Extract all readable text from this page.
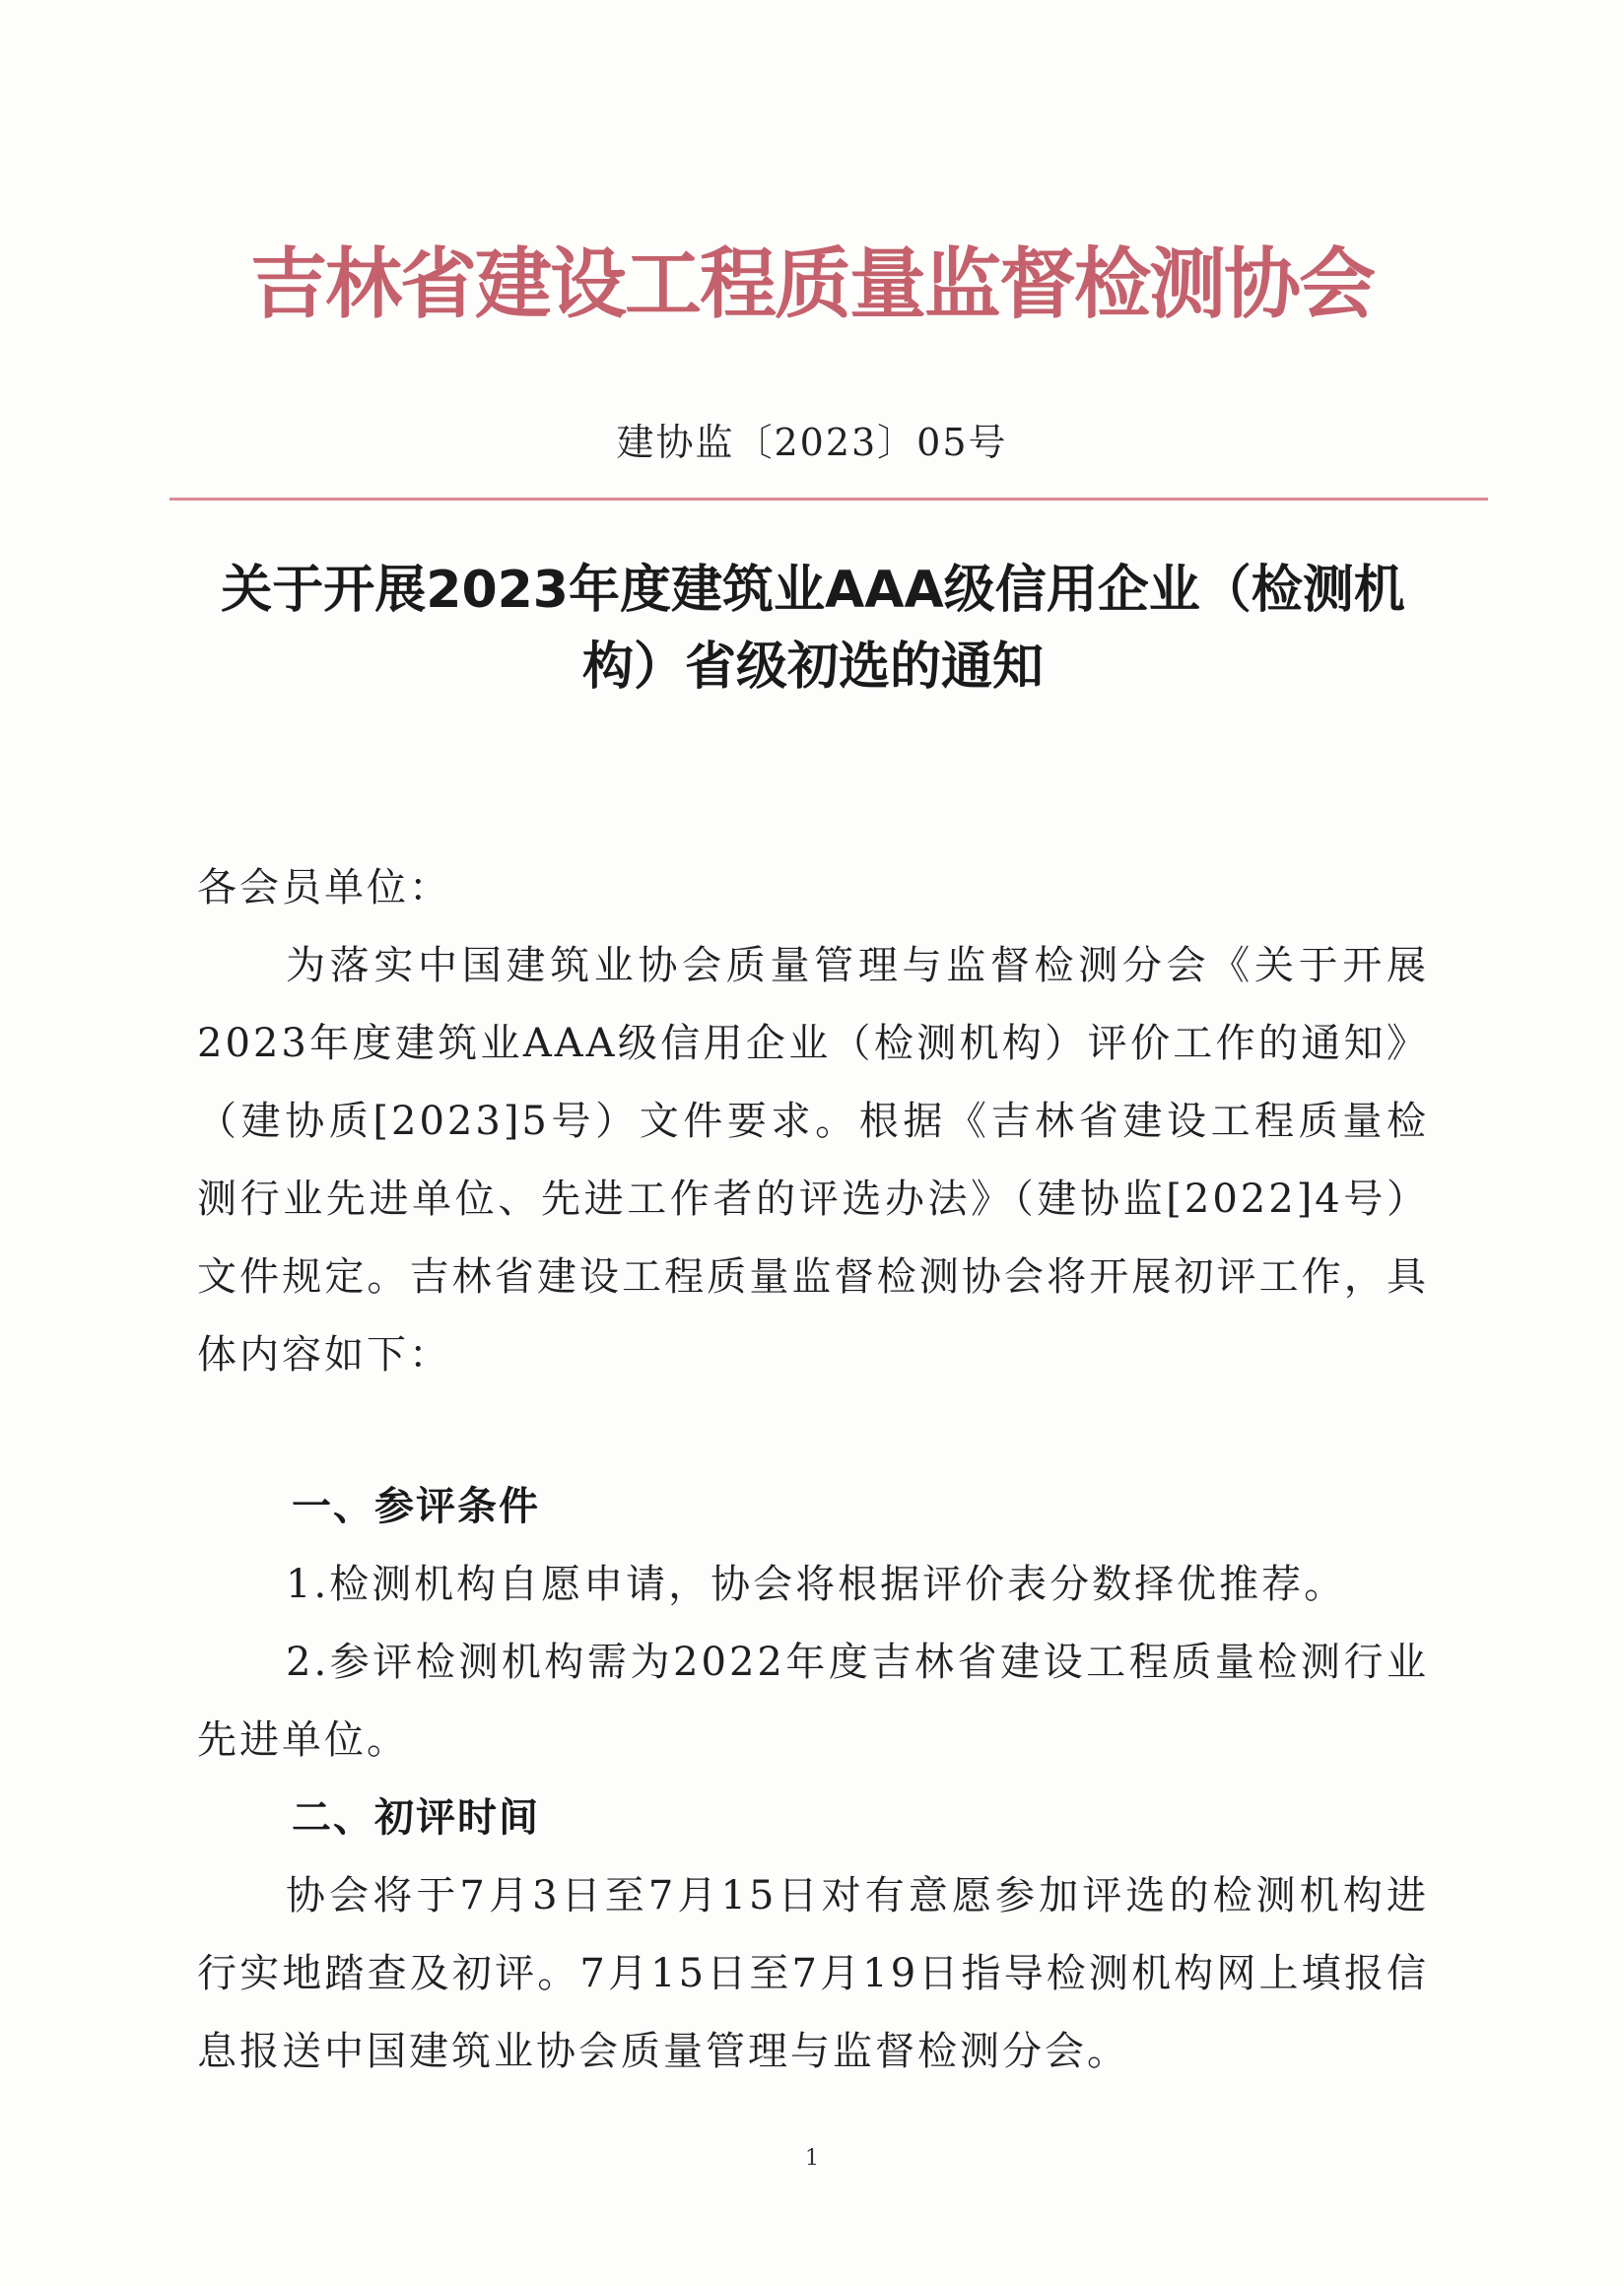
吉林省建设工程质量监督检测协会
建协监〔2023〕05号
关于开展2023年度建筑业AAA级信用企业（检测机构）省级初选的通知
各会员单位：
为落实中国建筑业协会质量管理与监督检测分会《关于开展2023年度建筑业AAA级信用企业（检测机构）评价工作的通知》（建协质[2023]5号）文件要求。根据《吉林省建设工程质量检测行业先进单位、先进工作者的评选办法》（建协监[2022]4号）文件规定。吉林省建设工程质量监督检测协会将开展初评工作，具体内容如下：
一、参评条件
1.检测机构自愿申请，协会将根据评价表分数择优推荐。
2.参评检测机构需为2022年度吉林省建设工程质量检测行业先进单位。
二、初评时间
协会将于7月3日至7月15日对有意愿参加评选的检测机构进行实地踏查及初评。7月15日至7月19日指导检测机构网上填报信息报送中国建筑业协会质量管理与监督检测分会。
1
